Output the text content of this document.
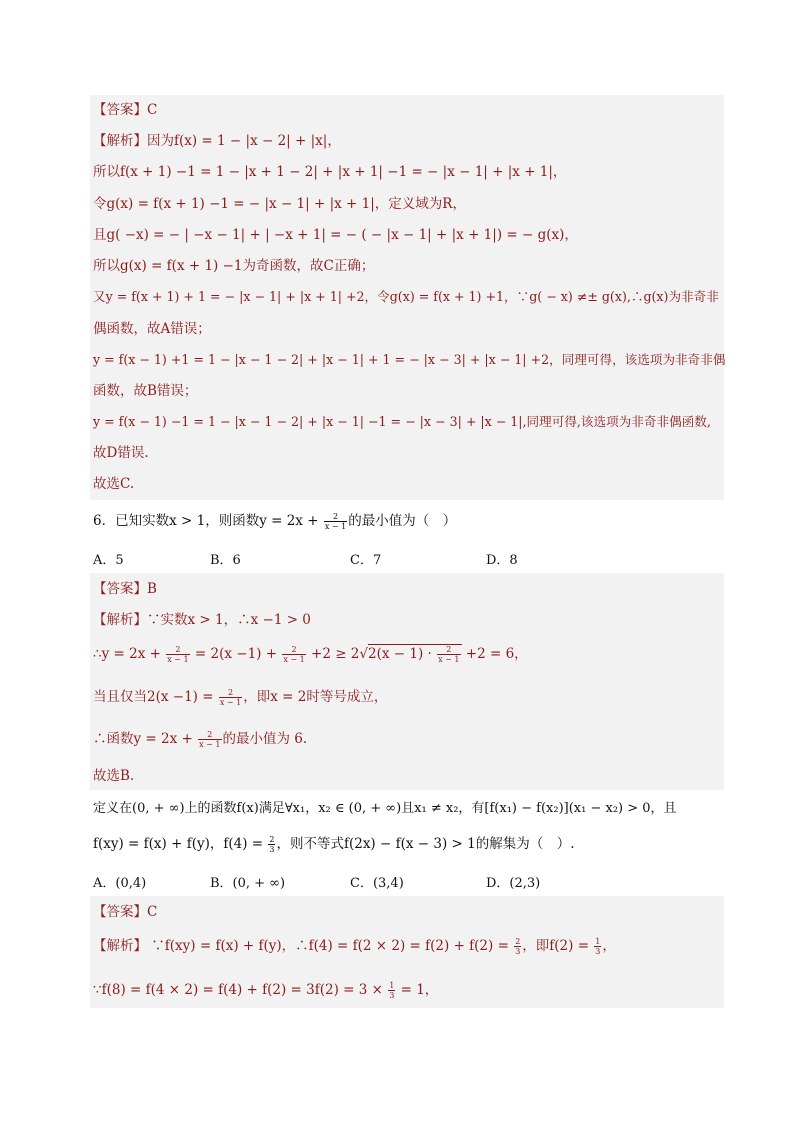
【答案】C
【解析】因为f(x) = 1 − |x − 2| + |x|，
所以f(x + 1) −1 = 1 − |x + 1 − 2| + |x + 1| −1 = − |x − 1| + |x + 1|，
令g(x) = f(x + 1) −1 = − |x − 1| + |x + 1|，定义域为R，
且g( −x) = − | −x − 1| + | −x + 1| = − ( − |x − 1| + |x + 1|) = − g(x)，
所以g(x) = f(x + 1) −1为奇函数，故C正确；
又y = f(x + 1) + 1 = − |x − 1| + |x + 1| +2，令g(x) = f(x + 1) +1，∵g( − x) ≠± g(x),∴g(x)为非奇非
偶函数，故A错误；
y = f(x − 1) +1 = 1 − |x − 1 − 2| + |x − 1| + 1 = − |x − 3| + |x − 1| +2，同理可得，该选项为非奇非偶
函数，故B错误；
y = f(x − 1) −1 = 1 − |x − 1 − 2| + |x − 1| −1 = − |x − 3| + |x − 1|,同理可得,该选项为非奇非偶函数,
故D错误.
故选C.
6．已知实数x > 1，则函数$y = 2x + \frac{2}{x - 1}$ 的最小值为（　）
A．5	B．6	C．7	D．8
【答案】B
【解析】∵实数x > 1，∴x −1 > 0
∴y = $2x + \frac{2}{x - 1} = 2(x -1) + \frac{2}{x - 1} +2 \ge 2√2(x - 1) \cdot \frac{2}{x - 1} +2 = 6$，
当且仅当$2(x -1) = \frac{2}{x - 1}$ ，即x = 2时等号成立，
∴函数$y = 2x + \frac{2}{x - 1}$ 的最小值为 6.
故选B.
定义在(0, + ∞)上的函数f(x)满足∀x₁，x₂ ∈ (0, + ∞)且x₁ ≠ x₂，有[f(x₁) − f(x₂)](x₁ − x₂) > 0，且
f(xy) = f(x) + f(y)，$f(4) = \frac{2}{3}$ ，则不等式f(2x) − f(x − 3) > 1的解集为（　）.
A．(0,4)	B．(0, + ∞)	C．(3,4)	D．(2,3)
【答案】C
【解析】 ∵f(xy) = f(x) + f(y)，∴f(4) = $f(2 \times 2) = f(2) + f(2) = \frac{2}{3}$ ，即$f(2) = \frac{1}{3}$ ，
∵f(8) = $f(4 \times 2) = f(4) + f(2) = 3f(2) = 3 \times \frac{1}{3} = 1$，
